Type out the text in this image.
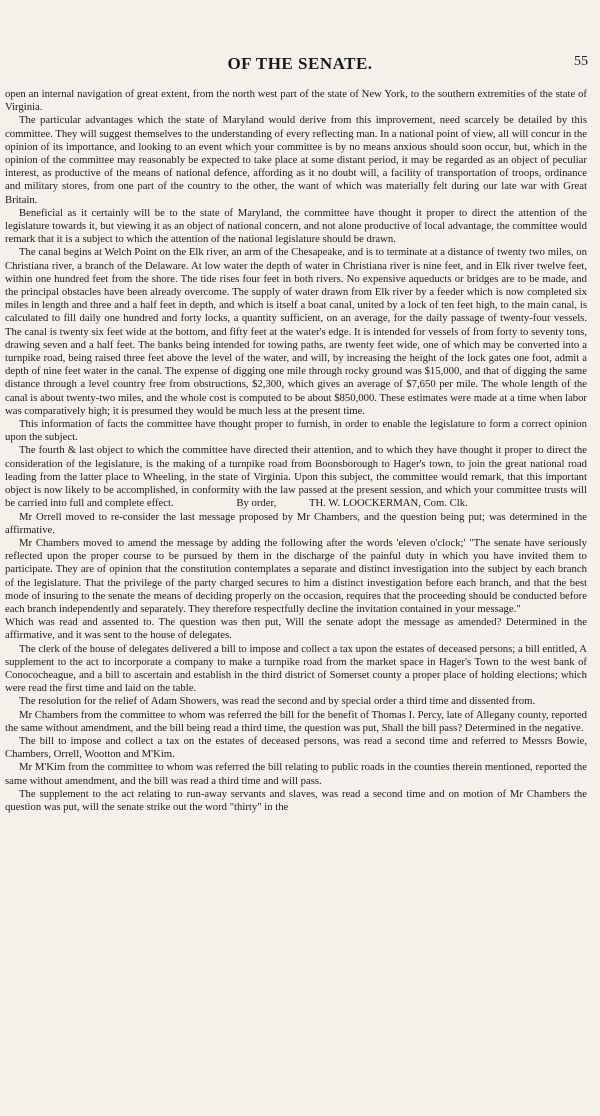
OF THE SENATE.	55

open an internal navigation of great extent, from the north west part of the state of New York, to the southern extremities of the state of Virginia.

The particular advantages which the state of Maryland would derive from this improvement, need scarcely be detailed by this committee. They will suggest themselves to the understanding of every reflecting man. In a national point of view, all will concur in the opinion of its importance, and looking to an event which your committee is by no means anxious should soon occur, but, which in the opinion of the committee may reasonably be expected to take place at some distant period, it may be regarded as an object of peculiar interest, as productive of the means of national defence, affording as it no doubt will, a facility of transportation of troops, ordinance and military stores, from one part of the country to the other, the want of which was materially felt during our late war with Great Britain.

Beneficial as it certainly will be to the state of Maryland, the committee have thought it proper to direct the attention of the legislature towards it, but viewing it as an object of national concern, and not alone productive of local advantage, the committee would remark that it is a subject to which the attention of the national legislature should be drawn.

The canal begins at Welch Point on the Elk river, an arm of the Chesapeake, and is to terminate at a distance of twenty two miles, on Christiana river, a branch of the Delaware. At low water the depth of water in Christiana river is nine feet, and in Elk river twelve feet, within one hundred feet from the shore. The tide rises four feet in both rivers. No expensive aqueducts or bridges are to be made, and the principal obstacles have been already overcome. The supply of water drawn from Elk river by a feeder which is now completed six miles in length and three and a half feet in depth, and which is itself a boat canal, united by a lock of ten feet high, to the main canal, is calculated to fill daily one hundred and forty locks, a quantity sufficient, on an average, for the daily passage of twenty-four vessels. The canal is twenty six feet wide at the bottom, and fifty feet at the water's edge. It is intended for vessels of from forty to seventy tons, drawing seven and a half feet. The banks being intended for towing paths, are twenty feet wide, one of which may be converted into a turnpike road, being raised three feet above the level of the water, and will, by increasing the height of the lock gates one foot, admit a depth of nine feet water in the canal. The expense of digging one mile through rocky ground was $15,000, and that of digging the same distance through a level country free from obstructions, $2,300, which gives an average of $7,650 per mile. The whole length of the canal is about twenty-two miles, and the whole cost is computed to be about $850,000. These estimates were made at a time when labor was comparatively high; it is presumed they would be much less at the present time.

This information of facts the committee have thought proper to furnish, in order to enable the legislature to form a correct opinion upon the subject.

The fourth & last object to which the committee have directed their attention, and to which they have thought it proper to direct the consideration of the legislature, is the making of a turnpike road from Boonsborough to Hager's town, to join the great national road leading from the latter place to Wheeling, in the state of Virginia. Upon this subject, the committee would remark, that this important object is now likely to be accomplished, in conformity with the law passed at the present session, and which your committee trusts will be carried into full and complete effect.	By order,	TH. W. LOOCKERMAN, Com. Clk.

Mr Orrell moved to re-consider the last message proposed by Mr Chambers, and the question being put; was determined in the affirmative.

Mr Chambers moved to amend the message by adding the following after the words 'eleven o'clock;' "The senate have seriously reflected upon the proper course to be pursued by them in the discharge of the painful duty in which you have invited them to participate. They are of opinion that the constitution contemplates a separate and distinct investigation into the subject by each branch of the legislature. That the privilege of the party charged secures to him a distinct investigation before each branch, and that the best mode of insuring to the senate the means of deciding properly on the occasion, requires that the proceeding should be conducted before each branch independently and separately. They therefore respectfully decline the invitation contained in your message."

Which was read and assented to. The question was then put, Will the senate adopt the message as amended? Determined in the affirmative, and it was sent to the house of delegates.

The clerk of the house of delegates delivered a bill to impose and collect a tax upon the estates of deceased persons; a bill entitled, A supplement to the act to incorporate a company to make a turnpike road from the market space in Hager's Town to the west bank of Conococheague, and a bill to ascertain and establish in the third district of Somerset county a proper place of holding elections; which were read the first time and laid on the table.

The resolution for the relief of Adam Showers, was read the second and by special order a third time and dissented from.

Mr Chambers from the committee to whom was referred the bill for the benefit of Thomas I. Percy, late of Allegany county, reported the same without amendment, and the bill being read a third time, the question was put, Shall the bill pass? Determined in the negative.

The bill to impose and collect a tax on the estates of deceased persons, was read a second time and referred to Messrs Bowie, Chambers, Orrell, Wootton and M'Kim.

Mr M'Kim from the committee to whom was referred the bill relating to public roads in the counties therein mentioned, reported the same without amendment, and the bill was read a third time and will pass.

The supplement to the act relating to run-away servants and slaves, was read a second time and on motion of Mr Chambers the question was put, will the senate strike out the word "thirty" in the
